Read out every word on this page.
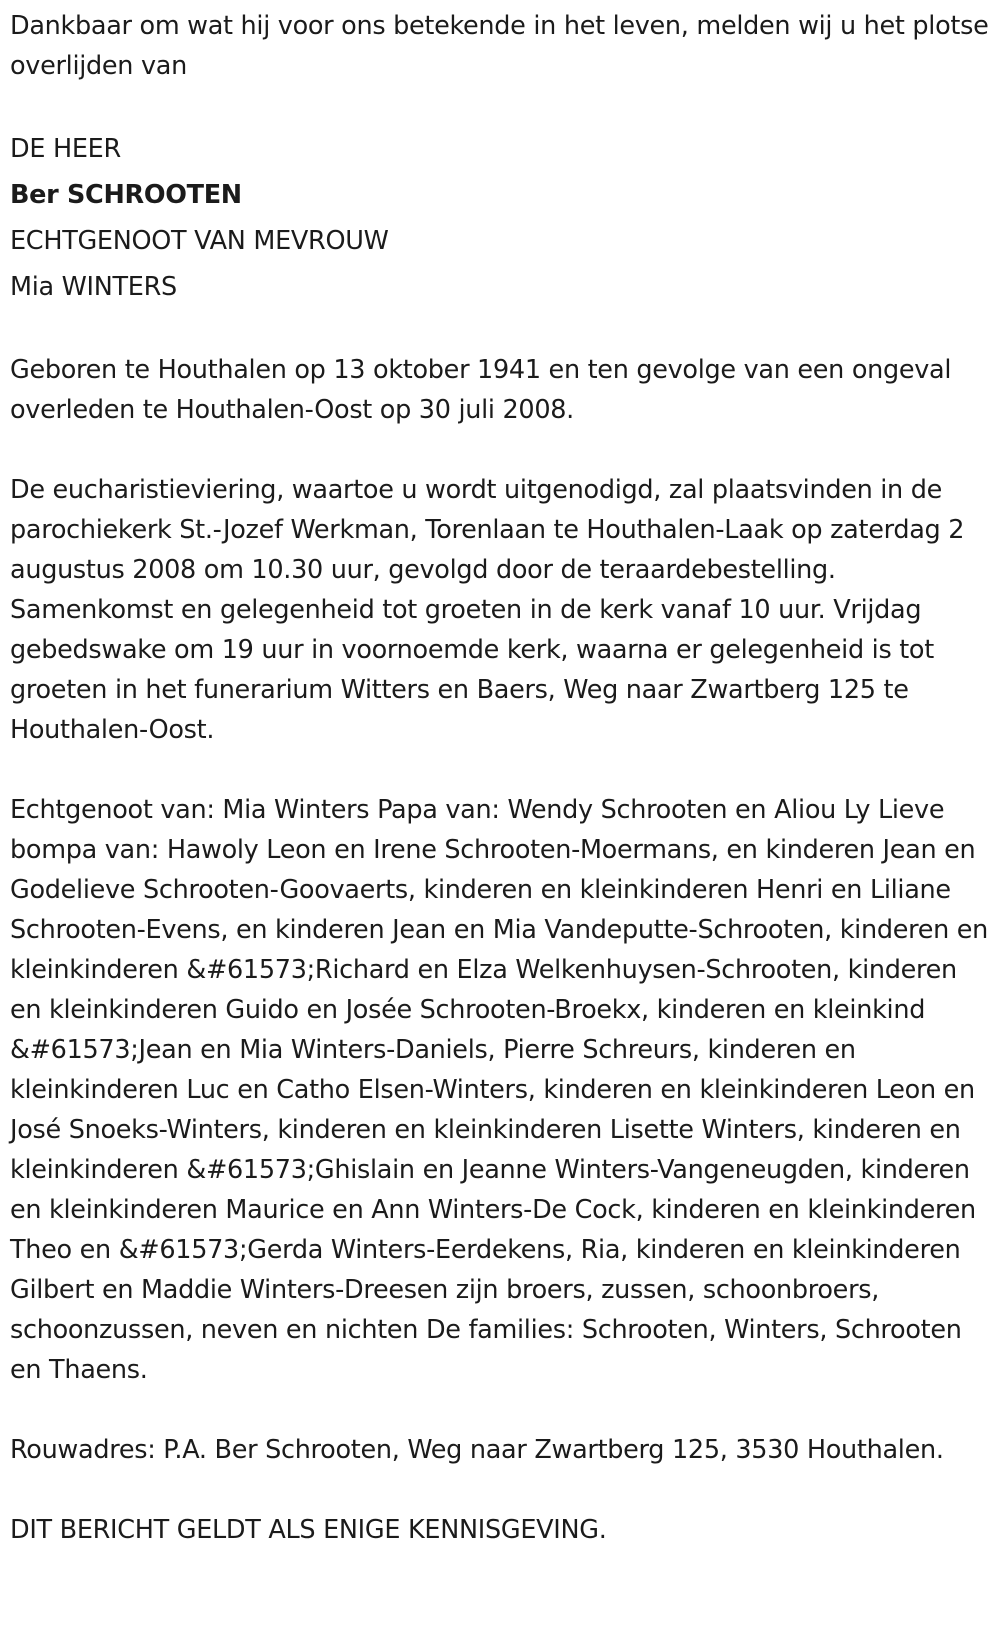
Dankbaar om wat hij voor ons betekende in het leven, melden wij u het plotse overlijden van

DE HEER
Ber SCHROOTEN
ECHTGENOOT VAN MEVROUW
Mia WINTERS

Geboren te Houthalen op 13 oktober 1941 en ten gevolge van een ongeval overleden te Houthalen-Oost op 30 juli 2008.

De eucharistieviering, waartoe u wordt uitgenodigd, zal plaatsvinden in de parochiekerk St.-Jozef Werkman, Torenlaan te Houthalen-Laak op zaterdag 2 augustus 2008 om 10.30 uur, gevolgd door de teraardebestelling. Samenkomst en gelegenheid tot groeten in de kerk vanaf 10 uur. Vrijdag gebedswake om 19 uur in voornoemde kerk, waarna er gelegenheid is tot groeten in het funerarium Witters en Baers, Weg naar Zwartberg 125 te Houthalen-Oost.

Echtgenoot van: Mia Winters Papa van: Wendy Schrooten en Aliou Ly Lieve bompa van: Hawoly Leon en Irene Schrooten-Moermans, en kinderen Jean en Godelieve Schrooten-Goovaerts, kinderen en kleinkinderen Henri en Liliane Schrooten-Evens, en kinderen Jean en Mia Vandeputte-Schrooten, kinderen en kleinkinderen &#61573;Richard en Elza Welkenhuysen-Schrooten, kinderen en kleinkinderen Guido en Josée Schrooten-Broekx, kinderen en kleinkind &#61573;Jean en Mia Winters-Daniels, Pierre Schreurs, kinderen en kleinkinderen Luc en Catho Elsen-Winters, kinderen en kleinkinderen Leon en José Snoeks-Winters, kinderen en kleinkinderen Lisette Winters, kinderen en kleinkinderen &#61573;Ghislain en Jeanne Winters-Vangeneugden, kinderen en kleinkinderen Maurice en Ann Winters-De Cock, kinderen en kleinkinderen Theo en &#61573;Gerda Winters-Eerdekens, Ria, kinderen en kleinkinderen Gilbert en Maddie Winters-Dreesen zijn broers, zussen, schoonbroers, schoonzussen, neven en nichten De families: Schrooten, Winters, Schrooten en Thaens.

Rouwadres: P.A. Ber Schrooten, Weg naar Zwartberg 125, 3530 Houthalen.

DIT BERICHT GELDT ALS ENIGE KENNISGEVING.
